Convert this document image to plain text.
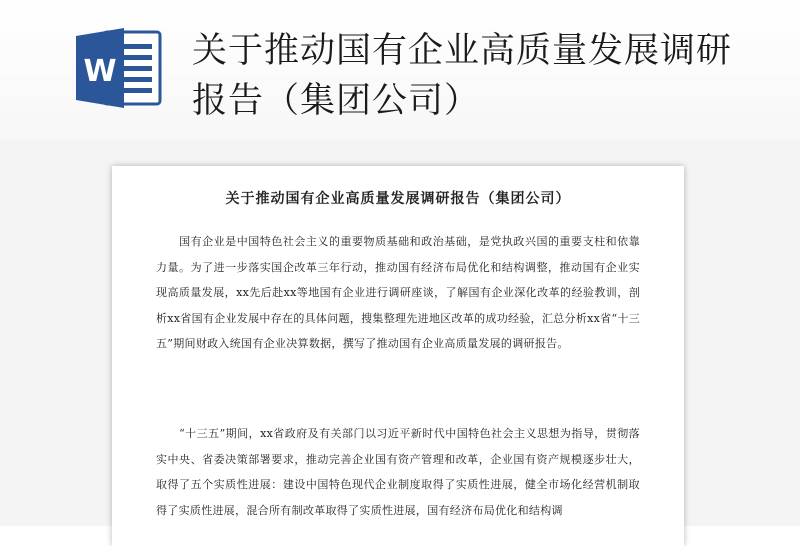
W
关于推动国有企业高质量发展调研报告（集团公司）
关于推动国有企业高质量发展调研报告（集团公司）
国有企业是中国特色社会主义的重要物质基础和政治基础，是党执政兴国的重要支柱和依靠力量。为了进一步落实国企改革三年行动，推动国有经济布局优化和结构调整，推动国有企业实现高质量发展，xx先后赴xx等地国有企业进行调研座谈，了解国有企业深化改革的经验教训，剖析xx省国有企业发展中存在的具体问题，搜集整理先进地区改革的成功经验，汇总分析xx省“十三五”期间财政入统国有企业决算数据，撰写了推动国有企业高质量发展的调研报告。
“十三五”期间，xx省政府及有关部门以习近平新时代中国特色社会主义思想为指导，贯彻落实中央、省委决策部署要求，推动完善企业国有资产管理和改革，企业国有资产规模逐步壮大，取得了五个实质性进展：建设中国特色现代企业制度取得了实质性进展，健全市场化经营机制取得了实质性进展，混合所有制改革取得了实质性进展，国有经济布局优化和结构调
